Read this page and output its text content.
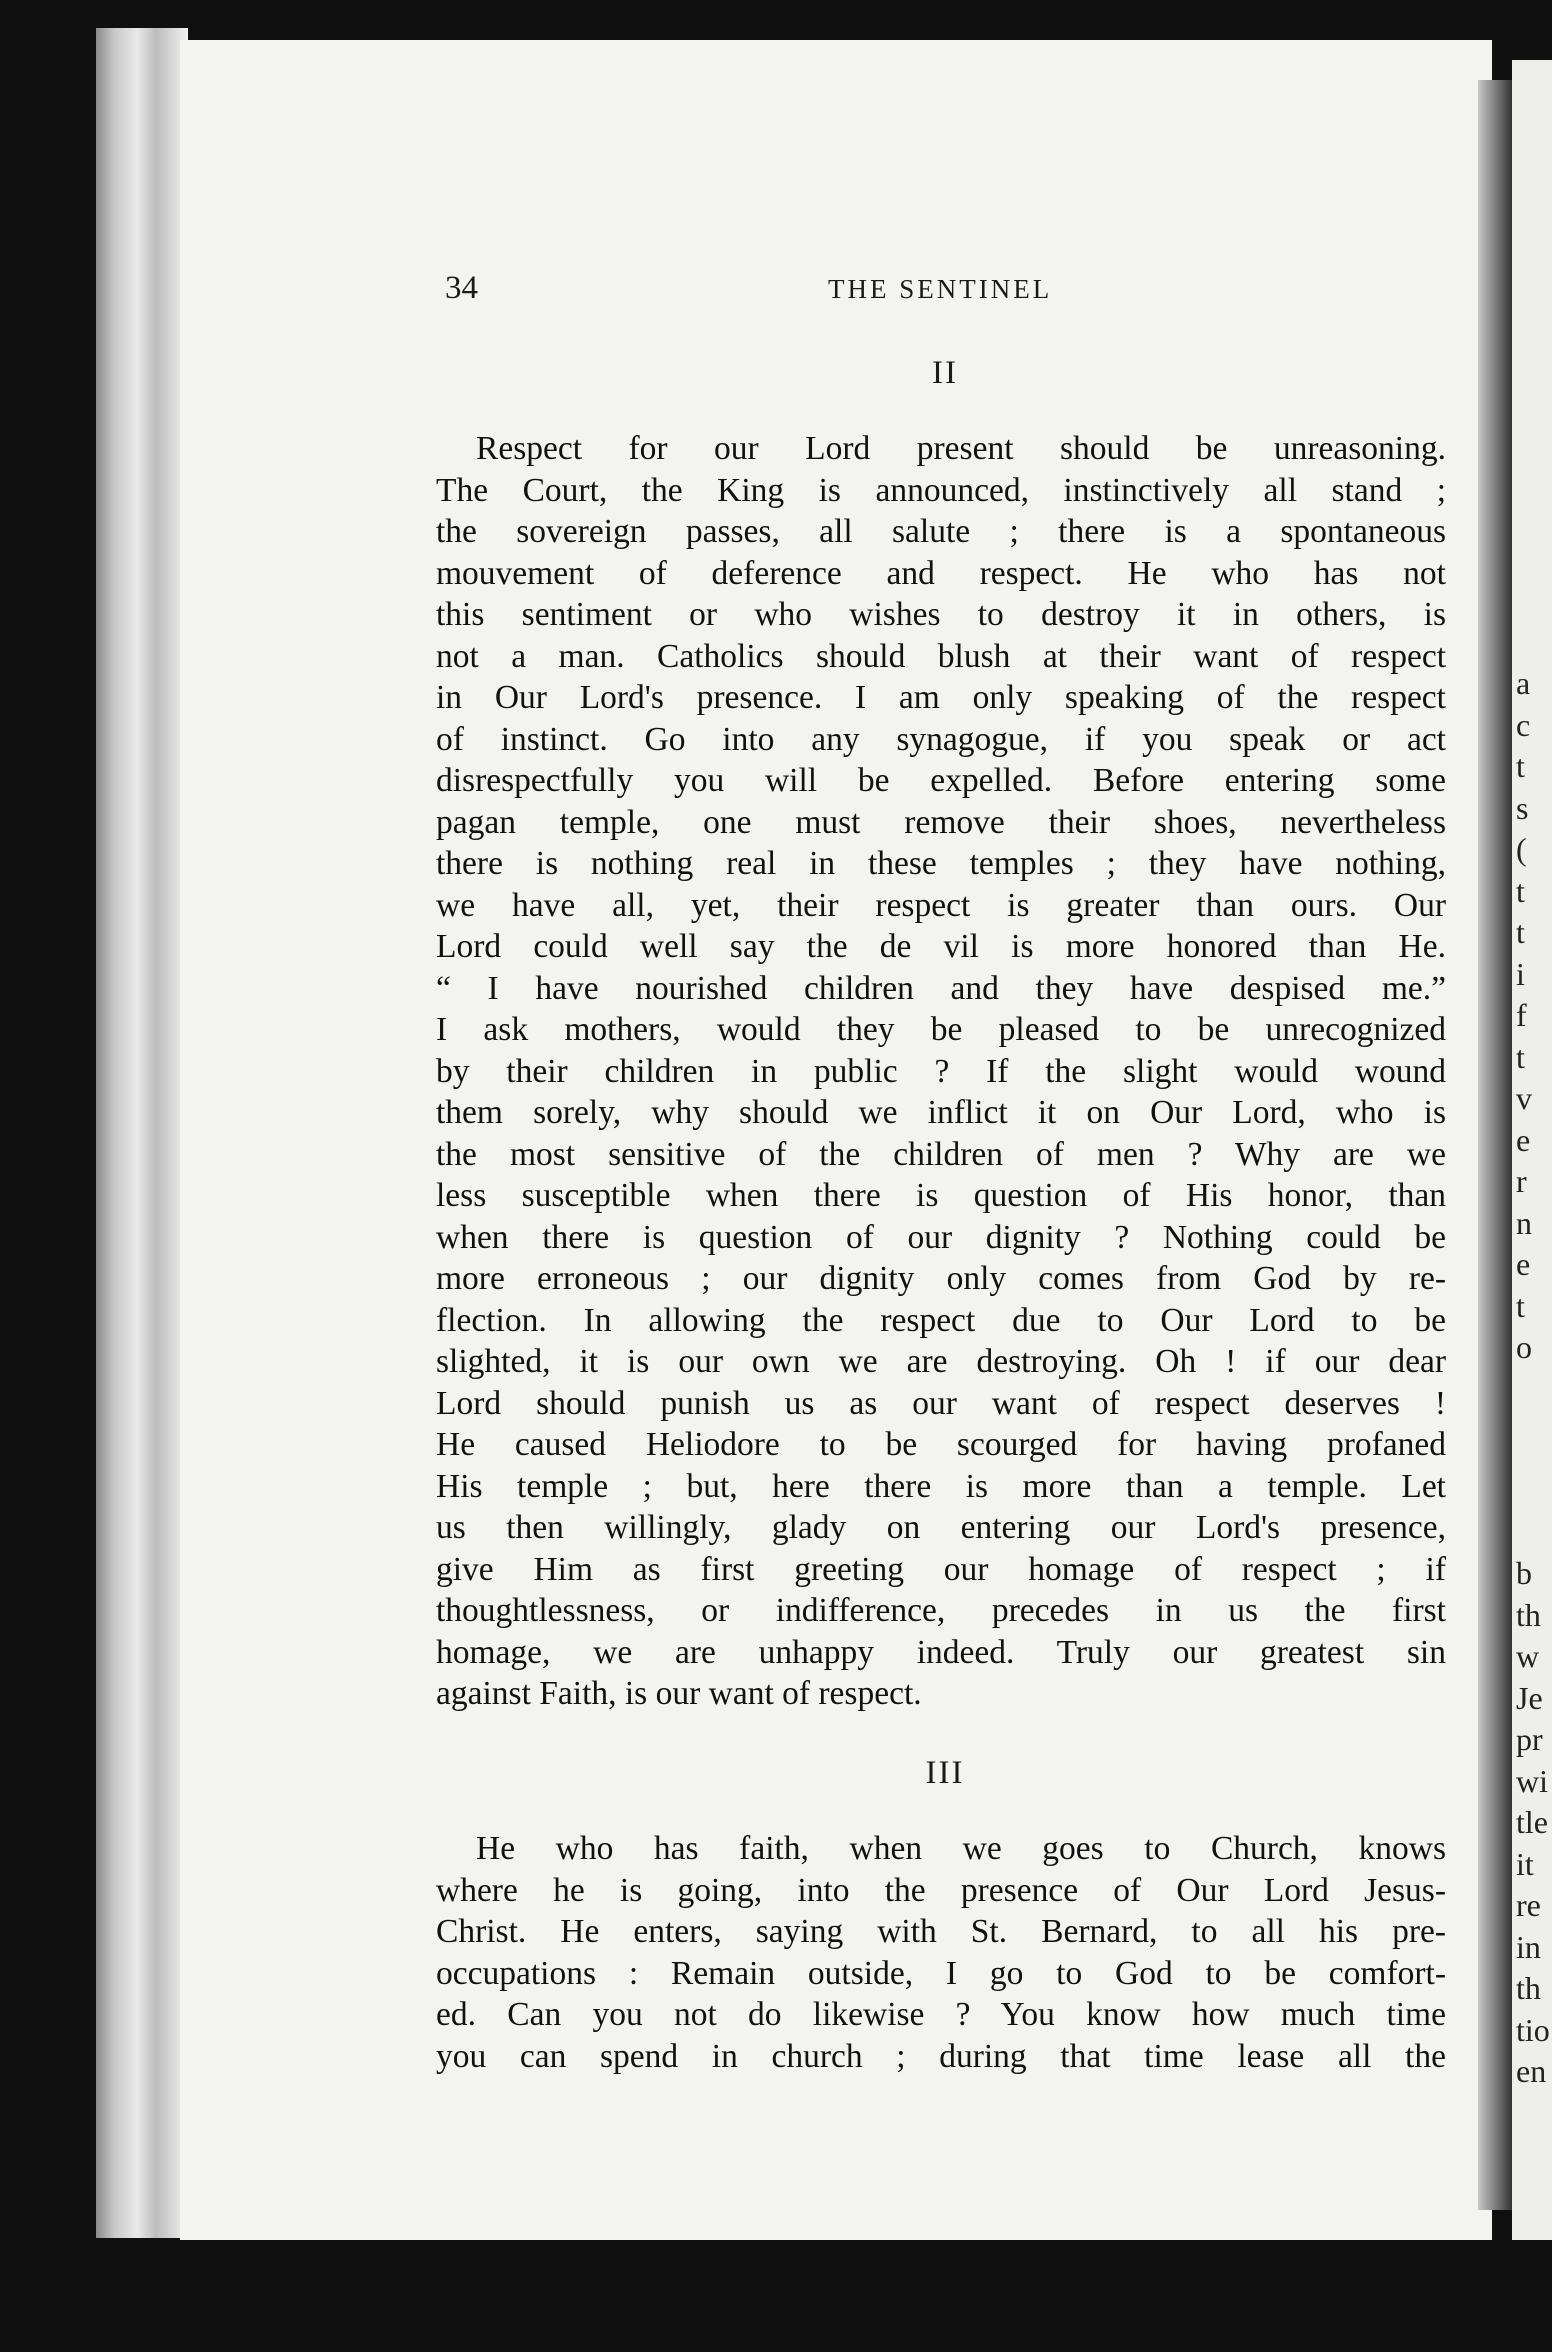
a
c
t
s
(
t
t
i
f
t
v
e
r
n
e
t
o
b
th
w
Je
pr
wi
tle
it
re
in
th
tio
en
34	THE SENTINEL
II
Respect for our Lord present should be unreasoning.
The Court, the King is announced, instinctively all stand ;
the sovereign passes, all salute ; there is a spontaneous
mouvement of deference and respect. He who has not
this sentiment or who wishes to destroy it in others, is
not a man. Catholics should blush at their want of respect
in Our Lord's presence. I am only speaking of the respect
of instinct. Go into any synagogue, if you speak or act
disrespectfully you will be expelled. Before entering some
pagan temple, one must remove their shoes, nevertheless
there is nothing real in these temples ; they have nothing,
we have all, yet, their respect is greater than ours. Our
Lord could well say the de vil is more honored than He.
“ I have nourished children and they have despised me.”
I ask mothers, would they be pleased to be unrecognized
by their children in public ? If the slight would wound
them sorely, why should we inflict it on Our Lord, who is
the most sensitive of the children of men ? Why are we
less susceptible when there is question of His honor, than
when there is question of our dignity ? Nothing could be
more erroneous ; our dignity only comes from God by re-
flection. In allowing the respect due to Our Lord to be
slighted, it is our own we are destroying. Oh ! if our dear
Lord should punish us as our want of respect deserves !
He caused Heliodore to be scourged for having profaned
His temple ; but, here there is more than a temple. Let
us then willingly, glady on entering our Lord's presence,
give Him as first greeting our homage of respect ; if
thoughtlessness, or indifference, precedes in us the first
homage, we are unhappy indeed. Truly our greatest sin
against Faith, is our want of respect.
III
He who has faith, when we goes to Church, knows
where he is going, into the presence of Our Lord Jesus-
Christ. He enters, saying with St. Bernard, to all his pre-
occupations : Remain outside, I go to God to be comfort-
ed. Can you not do likewise ? You know how much time
you can spend in church ; during that time lease all the
